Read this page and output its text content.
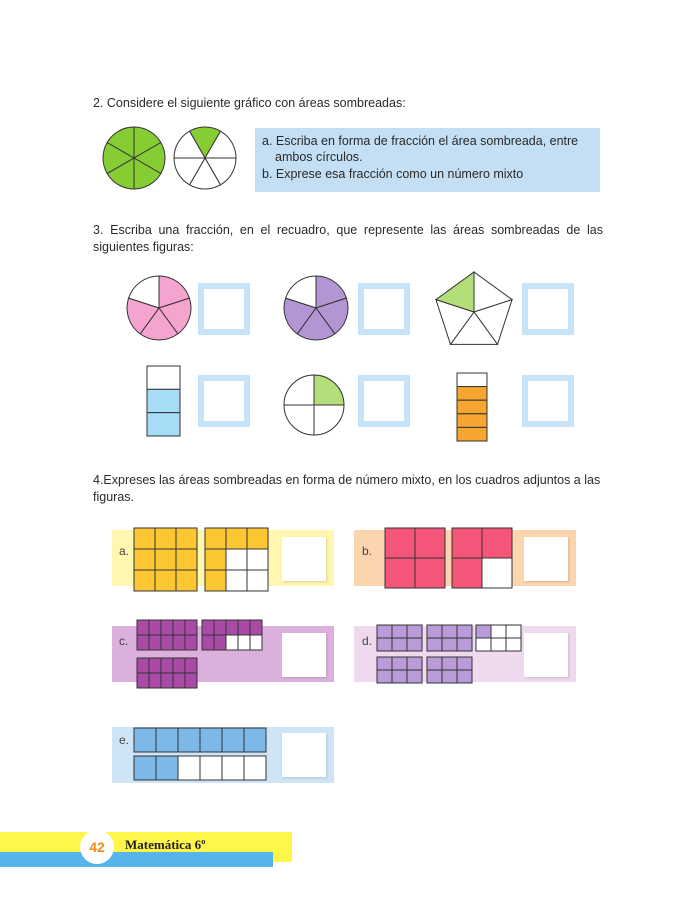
2. Considere el siguiente gráfico con áreas sombreadas:
a. Escriba en forma de fracción el área sombreada, entre
ambos círculos.
b. Exprese esa fracción como un número mixto
3. Escriba una fracción, en el recuadro, que represente las áreas sombreadas de las siguientes figuras:
4.Expreses las áreas sombreadas en forma de número mixto, en los cuadros adjuntos a las figuras.
a.	b.
c.	d.
e.
42 Matemática 6º
